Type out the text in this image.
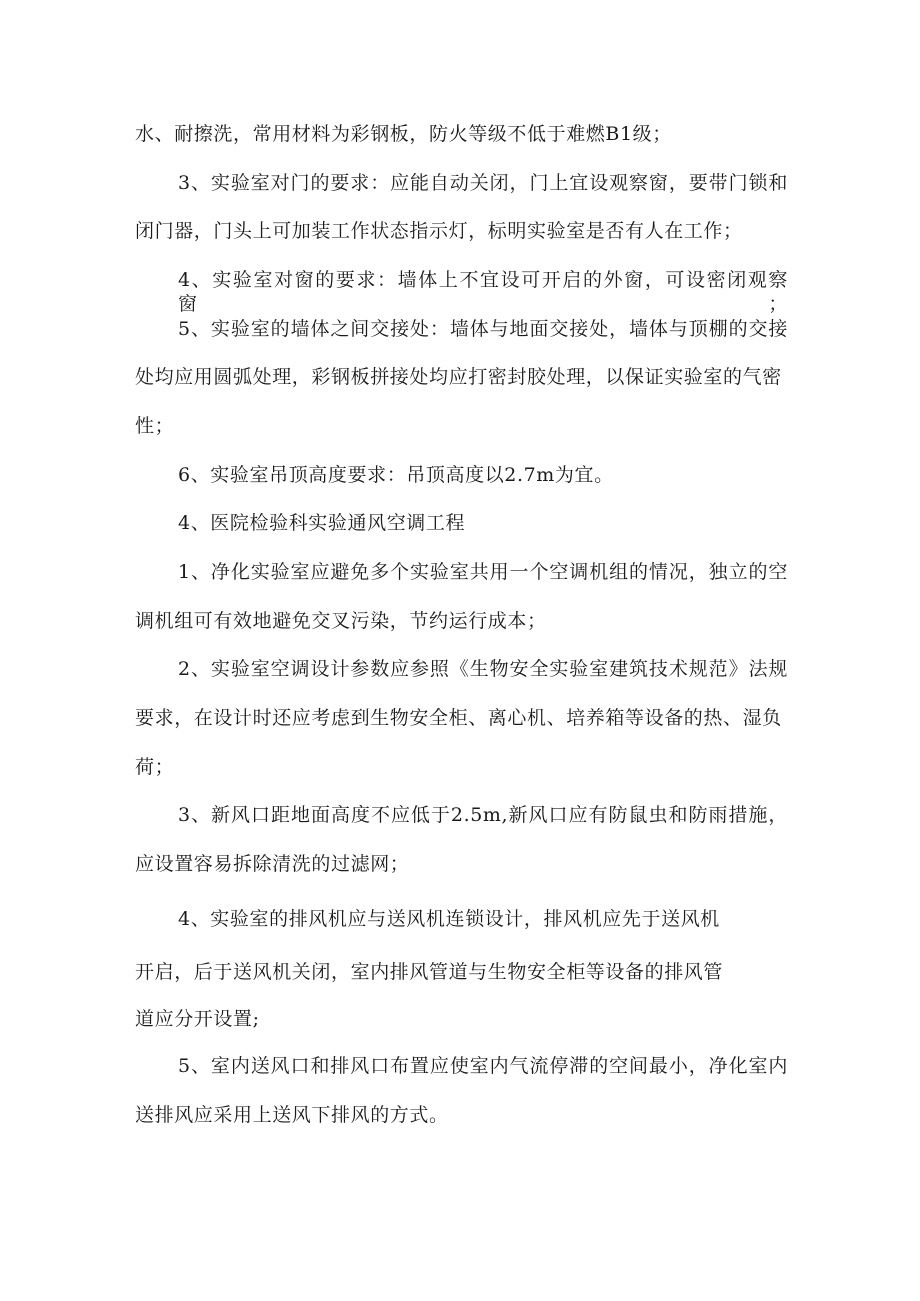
水、耐擦洗，常用材料为彩钢板，防火等级不低于难燃B1级；
3、实验室对门的要求：应能自动关闭，门上宜设观察窗，要带门锁和
闭门器，门头上可加装工作状态指示灯，标明实验室是否有人在工作；
4、实验室对窗的要求：墙体上不宜设可开启的外窗，可设密闭观察窗；
5、实验室的墙体之间交接处：墙体与地面交接处，墙体与顶棚的交接
处均应用圆弧处理，彩钢板拼接处均应打密封胶处理，以保证实验室的气密
性；
6、实验室吊顶高度要求：吊顶高度以2.7m为宜。
4、医院检验科实验通风空调工程
1、净化实验室应避免多个实验室共用一个空调机组的情况，独立的空
调机组可有效地避免交叉污染，节约运行成本；
2、实验室空调设计参数应参照《生物安全实验室建筑技术规范》法规
要求，在设计时还应考虑到生物安全柜、离心机、培养箱等设备的热、湿负
荷；
3、新风口距地面高度不应低于2.5m,新风口应有防鼠虫和防雨措施，
应设置容易拆除清洗的过滤网；
4、实验室的排风机应与送风机连锁设计，排风机应先于送风机
开启，后于送风机关闭，室内排风管道与生物安全柜等设备的排风管
道应分开设置;
5、室内送风口和排风口布置应使室内气流停滞的空间最小，净化室内
送排风应采用上送风下排风的方式。
